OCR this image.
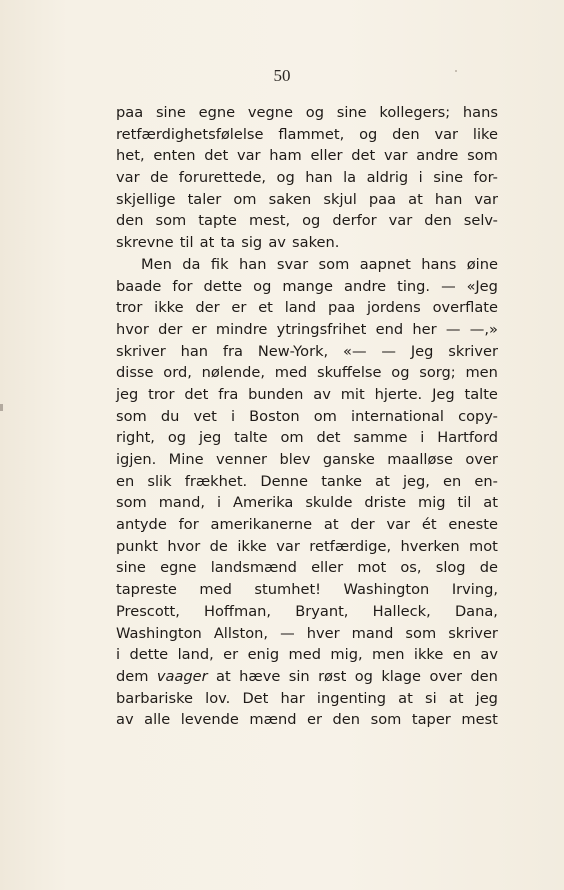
50
paa sine egne vegne og sine kollegers; hans
retfærdighetsfølelse flammet, og den var like
het, enten det var ham eller det var andre som
var de forurettede, og han la aldrig i sine for-
skjellige taler om saken skjul paa at han var
den som tapte mest, og derfor var den selv-
skrevne til at ta sig av saken.
Men da fik han svar som aapnet hans øine
baade for dette og mange andre ting. — «Jeg
tror ikke der er et land paa jordens overflate
hvor der er mindre ytringsfrihet end her — —,»
skriver han fra New-York, «— — Jeg skriver
disse ord, nølende, med skuffelse og sorg; men
jeg tror det fra bunden av mit hjerte. Jeg talte
som du vet i Boston om international copy-
right, og jeg talte om det samme i Hartford
igjen. Mine venner blev ganske maalløse over
en slik frækhet. Denne tanke at jeg, en en-
som mand, i Amerika skulde driste mig til at
antyde for amerikanerne at der var ét eneste
punkt hvor de ikke var retfærdige, hverken mot
sine egne landsmænd eller mot os, slog de
tapreste med stumhet! Washington Irving,
Prescott, Hoffman, Bryant, Halleck, Dana,
Washington Allston, — hver mand som skriver
i dette land, er enig med mig, men ikke en av
dem vaager at hæve sin røst og klage over den
barbariske lov. Det har ingenting at si at jeg
av alle levende mænd er den som taper mest
